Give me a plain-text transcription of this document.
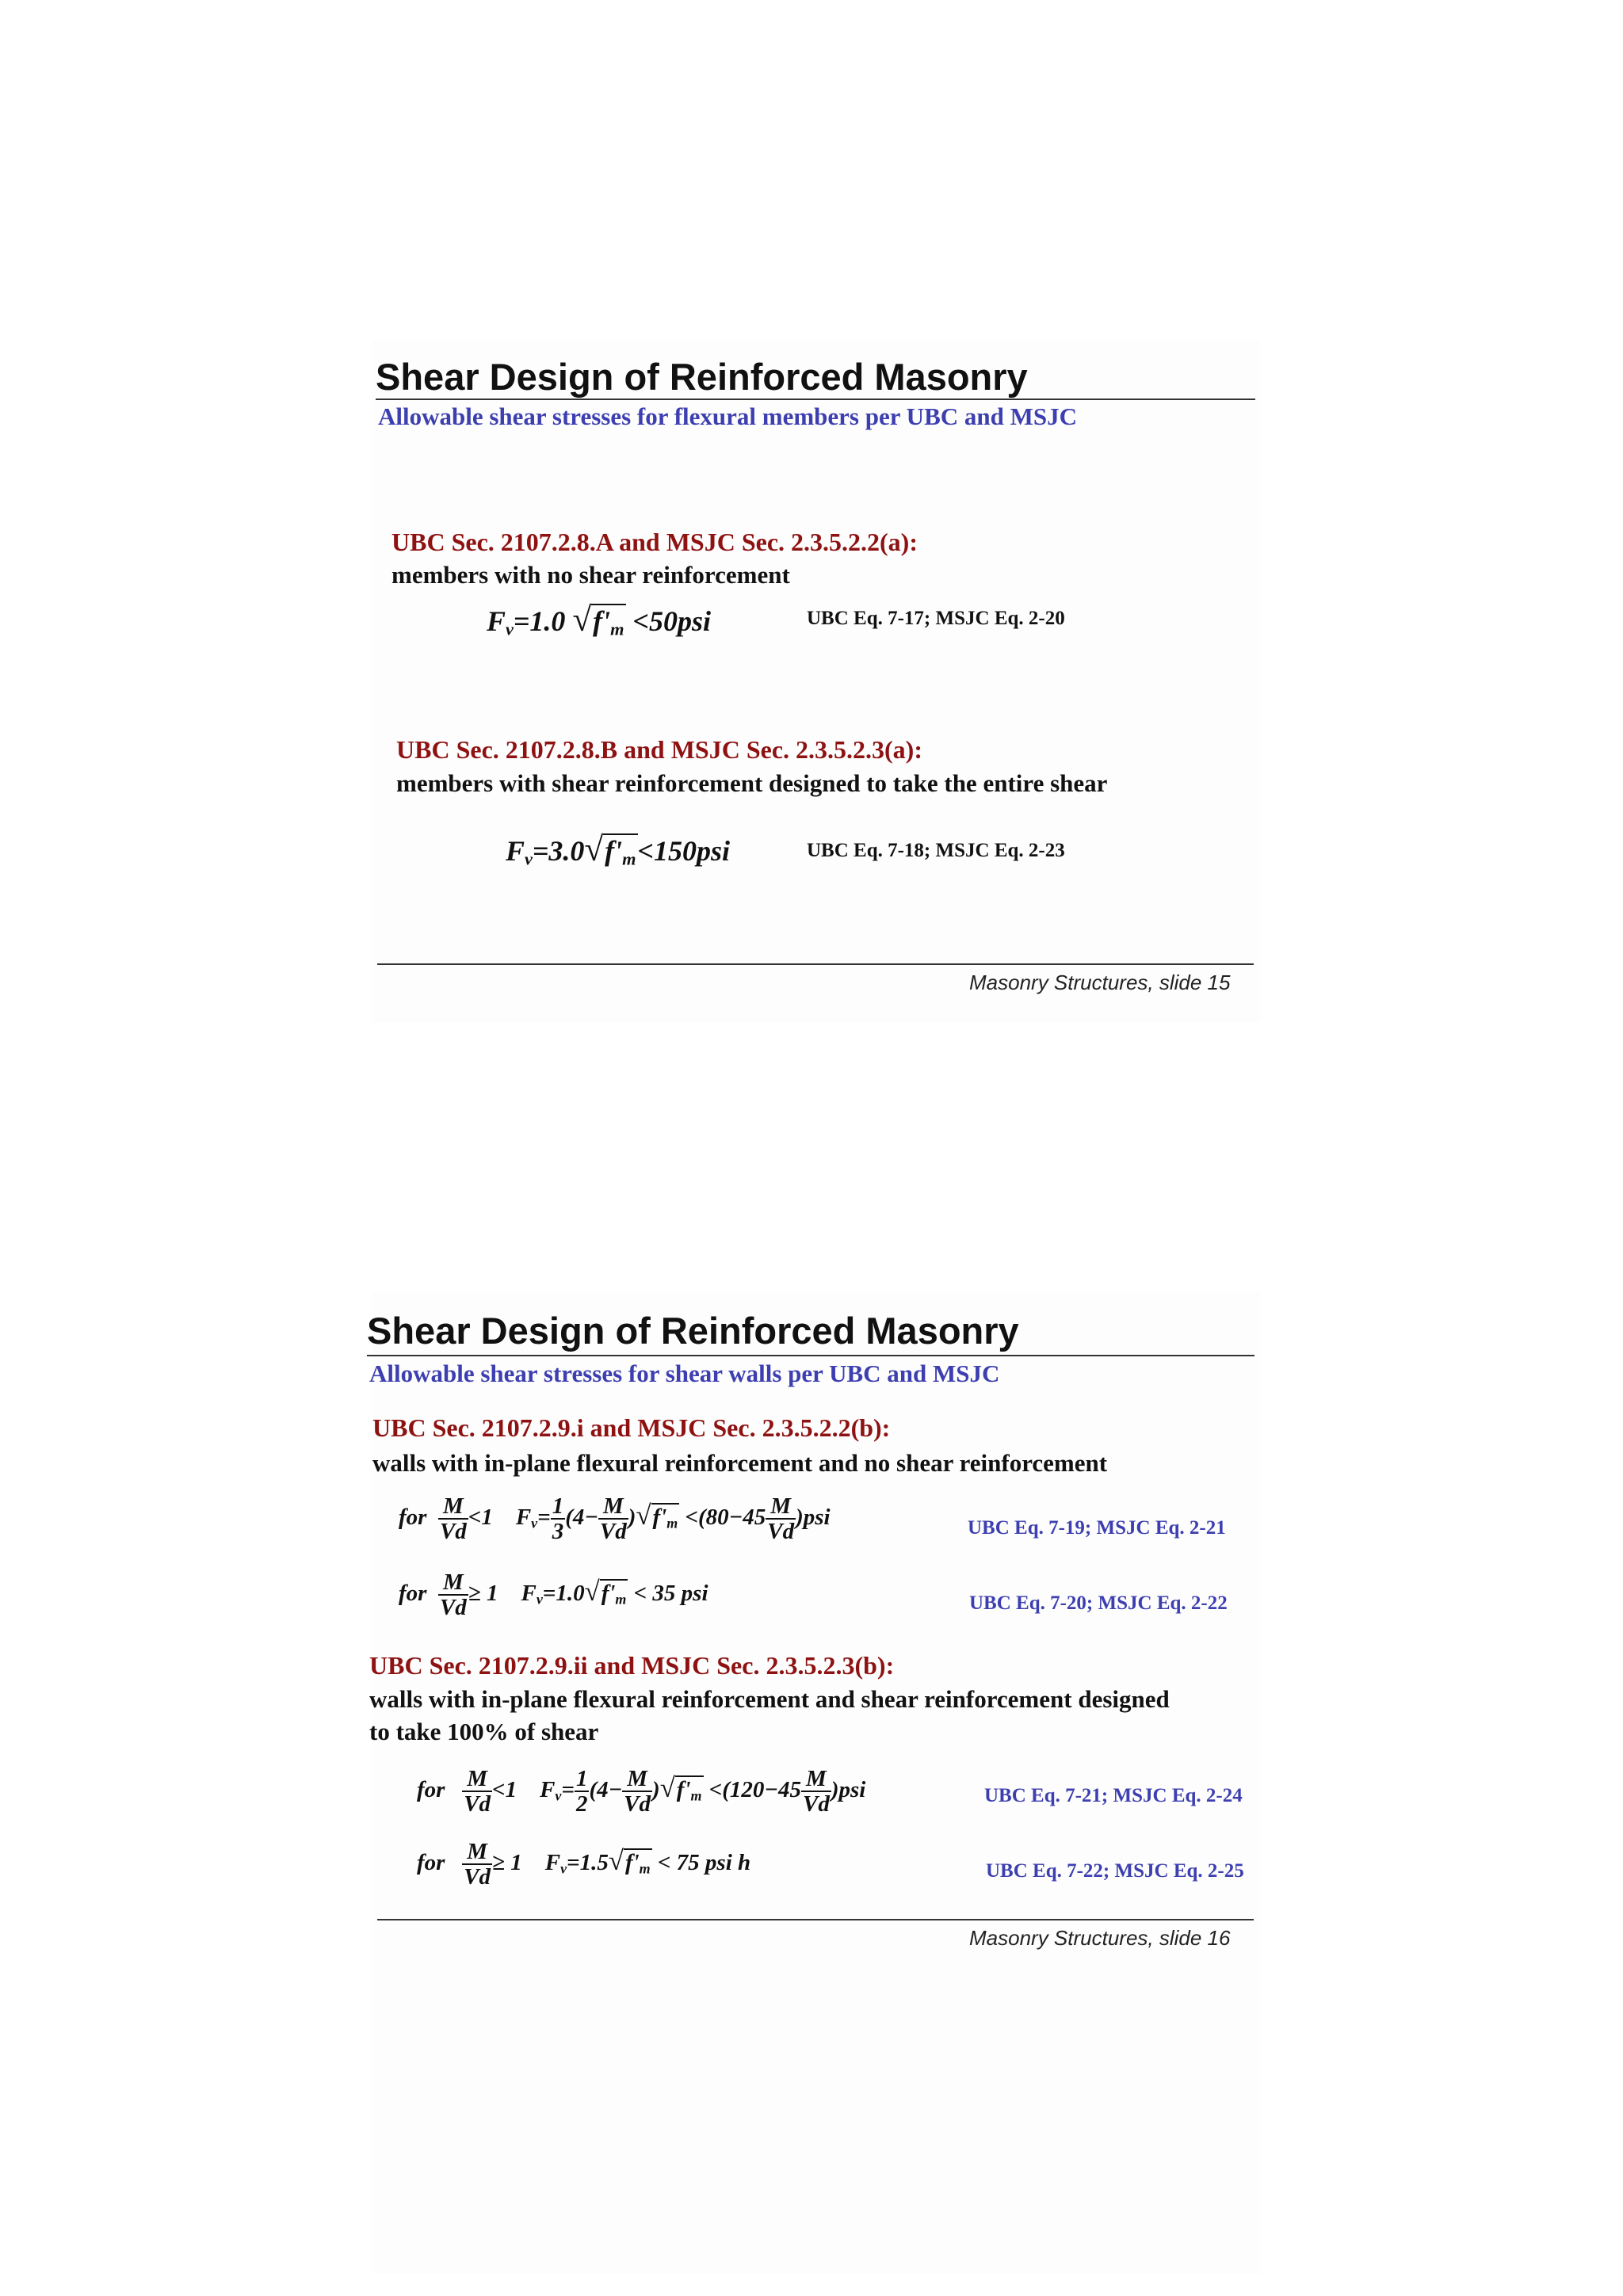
Shear Design of Reinforced Masonry
Allowable shear stresses for flexural members per UBC and MSJC
UBC Sec. 2107.2.8.A and MSJC Sec. 2.3.5.2.2(a):
members with no shear reinforcement
Fv=1.0 √f'm <50psi	UBC Eq. 7-17; MSJC Eq. 2-20
UBC Sec. 2107.2.8.B and MSJC Sec. 2.3.5.2.3(a):
members with shear reinforcement designed to take the entire shear
Fv=3.0√f'm<150psi	UBC Eq. 7-18; MSJC Eq. 2-23
Masonry Structures, slide 15
Shear Design of Reinforced Masonry
Allowable shear stresses for shear walls per UBC and MSJC
UBC Sec. 2107.2.9.i and MSJC Sec. 2.3.5.2.2(b):
walls with in-plane flexural reinforcement and no shear reinforcement
for $\frac{M}{Vd} <1$ $Fv= \frac{1}{3} (4- \frac{M}{Vd} )√f'm <(80-45 \frac{M}{Vd} )psi$	UBC Eq. 7-19; MSJC Eq. 2-21
for $\frac{M}{Vd} \ge 1$ Fv=1.0√f'm < 35 psi	UBC Eq. 7-20; MSJC Eq. 2-22
UBC Sec. 2107.2.9.ii and MSJC Sec. 2.3.5.2.3(b):
walls with in-plane flexural reinforcement and shear reinforcement designed
to take 100% of shear
for $\frac{M}{Vd} <1$ $Fv= \frac{1}{2} (4- \frac{M}{Vd} )√f'm <(120-45 \frac{M}{Vd} )psi$	UBC Eq. 7-21; MSJC Eq. 2-24
for $\frac{M}{Vd} \ge 1$ Fv=1.5√f'm < 75 psi h	UBC Eq. 7-22; MSJC Eq. 2-25
Masonry Structures, slide 16
